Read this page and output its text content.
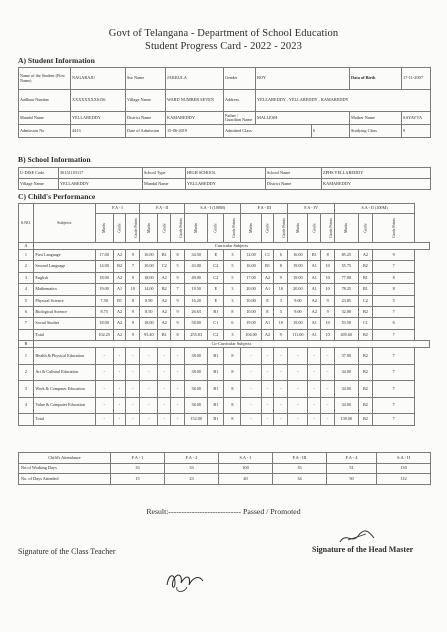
Govt of Telangana - Department of School Education
Student Progress Card - 2022 - 2023
A) Student Information
Name of the Student (First Name)	NAGARAJU	Sur Name	JAKKULA	Gender	BOY		Data of Birth	17-11-2007
Aadhaar Number	XXXXXXXX6156	Village Name	WARD NUMBER SEVEN	Address	YELLAREDDY , YELLAREDDY , KAMAREDDY			
Mandal Name	YELLAREDDY	District Name	KAMAREDDY	Father / Guardian Name	MALLESH		Mother Name	SAYAVVA
Admission No	4413	Date of Admission	15-06-2019	Admitted Class		6	Studying Class	9
B) School Information
U-DISE Code	36151103117	School Type	HIGH SCHOOL	School Name	ZPHS YELLAREDDY
Village Name	YELLAREDDY	Mandal Name	YELLAREDDY	District Name	KAMAREDDY
C) Child's Performance
S.NO.	Subjects	F.A - I			F.A - II			S.A - I (100M)			F.A - III			F.A - IV			S.A - II (100M)		
		Marks	Grade	Grade Points	Marks	Grade	Grade Points	Marks	Grade	Grade Points	Marks	Grade	Grade Points	Marks	Grade	Grade Points	Marks	Grade	Grade Points
A	Curricular Subjects																		
1	First Language	17.00	A2	9	16.00	B1	8	34.50	E	3	12.00	C1	6	16.00	B1	8	85.25	A2	9
2	Second Language	14.00	B2	7	10.00	C2	5	43.00	C2	5	16.00	B1	8	19.00	A1	10	55.75	B2	7
3	English	18.00	A2	9	18.00	A2	9	49.00	C2	5	17.00	A2	9	19.00	A1	10	77.00	B1	8
4	Mathematics	19.00	A1	10	14.00	B2	7	19.50	E	3	20.00	A1	10	20.00	A1	10	78.25	B1	8
5	Physical Science	7.50	B1	8	8.90	A2	9	16.20	E	3	10.00	E	3	9.00	A2	9	23.85	C2	5
6	Biological Science	8.75	A2	9	8.50	A2	9	26.63	B1	8	10.00	E	3	9.00	A2	9	32.00	B2	7
7	Social Studies	18.00	A2	9	18.00	A2	9	58.00	C1	6	19.00	A1	10	19.00	A1	10	53.50	C1	6
	Total	102.25	A2	9	93.40	B1	8	255.83	C2	3	104.00	A2	9	111.00	A1	10	405.60	B2	7
B	Co-Curricular Subjects																		
1	Health & Physical Education	-	-	-	-	-	-	38.00	B1	8	-	-	-	-	-	-	37.00	B2	7
2	Art & Cultural Education	-	-	-	-	-	-	38.00	B1	8	-	-	-	-	-	-	34.00	B2	7
3	Work & Computer Education	-	-	-	-	-	-	38.00	B1	8	-	-	-	-	-	-	34.00	B2	7
4	Value & Computer Education	-	-	-	-	-	-	38.00	B1	8	-	-	-	-	-	-	34.00	B2	7
	Total	-	-	-	-	-	-	152.00	B1	8	-	-	-	-	-	-	139.00	B2	7
Child's Attendance	F.A - 1	F.A - 2	S.A - 1	F.A - III	F.A - 4	S.A - II
No.of Working Days	33	33	100	35	51	130
No. of Days Attended	15	23	40	34	50	112
Result:---------------------------- Passed / Promoted
Signature of the Class Teacher	Signature of the Head Master
